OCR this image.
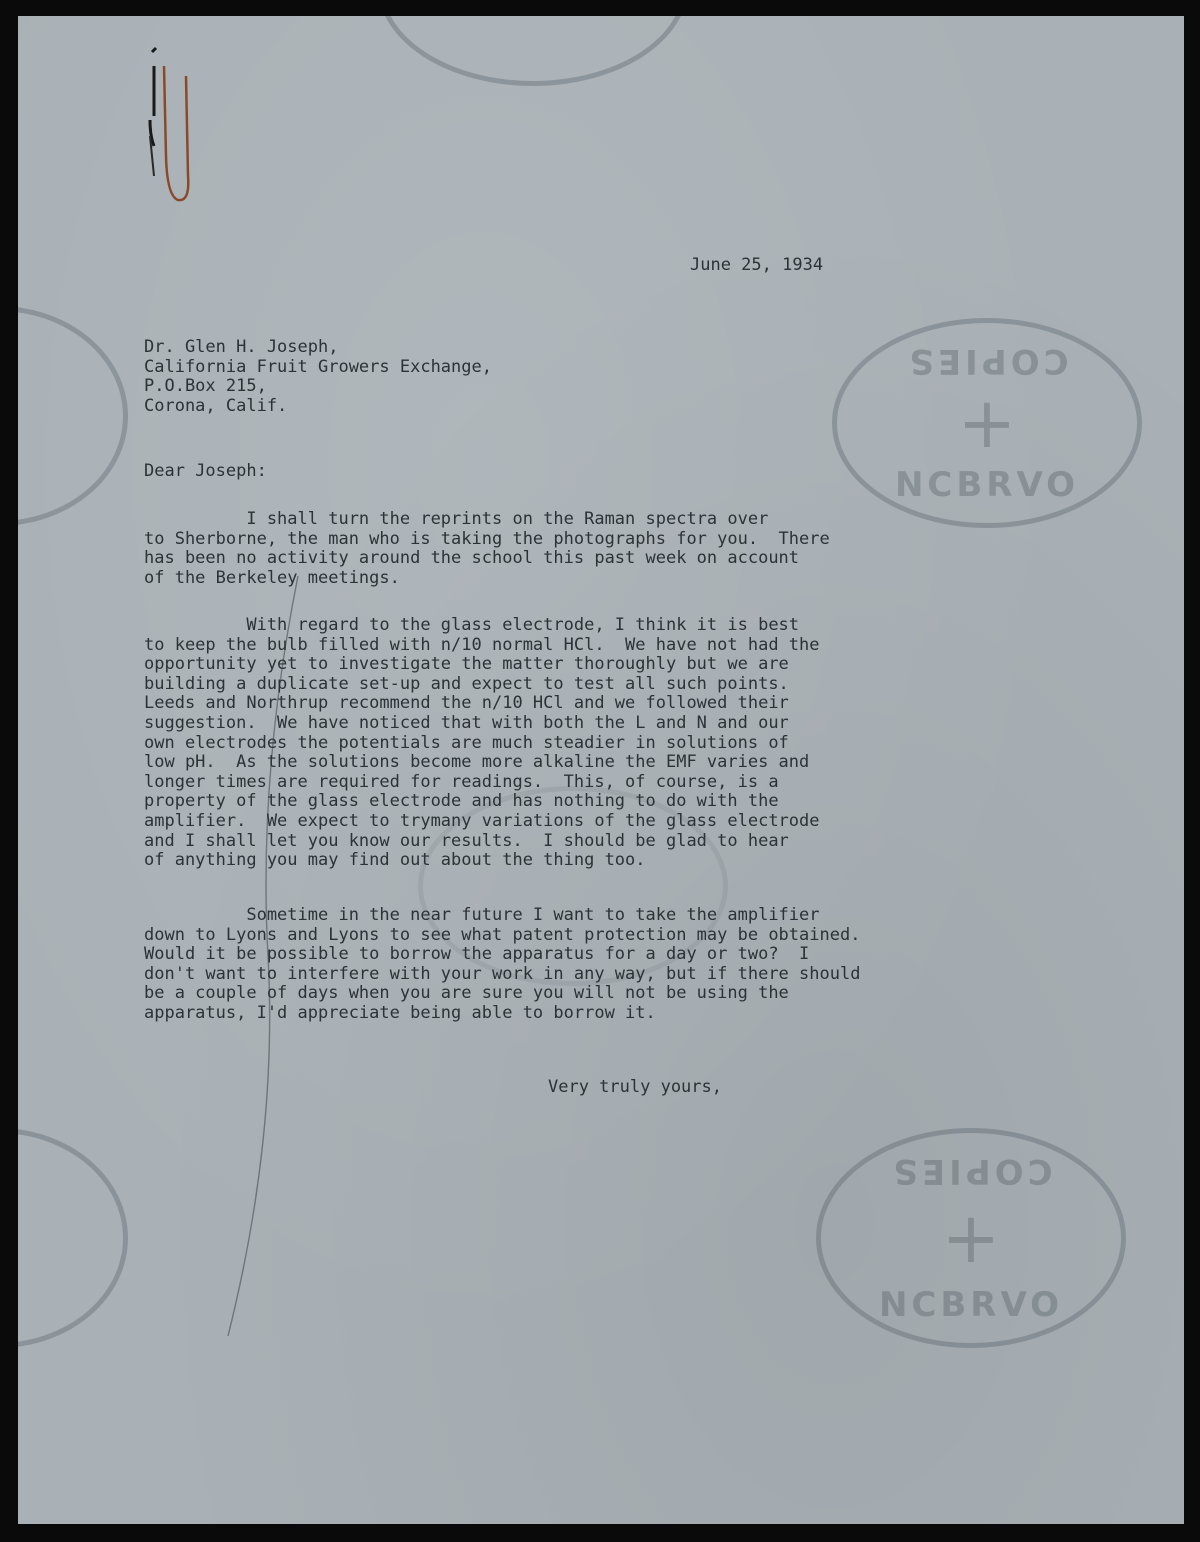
COPIES
+
NCBRVO
COPIES
+
NCBRVO
June 25, 1934
Dr. Glen H. Joseph,
California Fruit Growers Exchange,
P.O.Box 215,
Corona, Calif.
Dear Joseph:
I shall turn the reprints on the Raman spectra over
to Sherborne, the man who is taking the photographs for you.  There
has been no activity around the school this past week on account
of the Berkeley meetings.
With regard to the glass electrode, I think it is best
to keep the bulb filled with n/10 normal HCl.  We have not had the
opportunity yet to investigate the matter thoroughly but we are
building a duplicate set-up and expect to test all such points.
Leeds and Northrup recommend the n/10 HCl and we followed their
suggestion.  We have noticed that with both the L and N and our
own electrodes the potentials are much steadier in solutions of
low pH.  As the solutions become more alkaline the EMF varies and
longer times are required for readings.  This, of course, is a
property of the glass electrode and has nothing to do with the
amplifier.  We expect to trymany variations of the glass electrode
and I shall let you know our results.  I should be glad to hear
of anything you may find out about the thing too.
Sometime in the near future I want to take the amplifier
down to Lyons and Lyons to see what patent protection may be obtained.
Would it be possible to borrow the apparatus for a day or two?  I
don't want to interfere with your work in any way, but if there should
be a couple of days when you are sure you will not be using the
apparatus, I'd appreciate being able to borrow it.
Very truly yours,
